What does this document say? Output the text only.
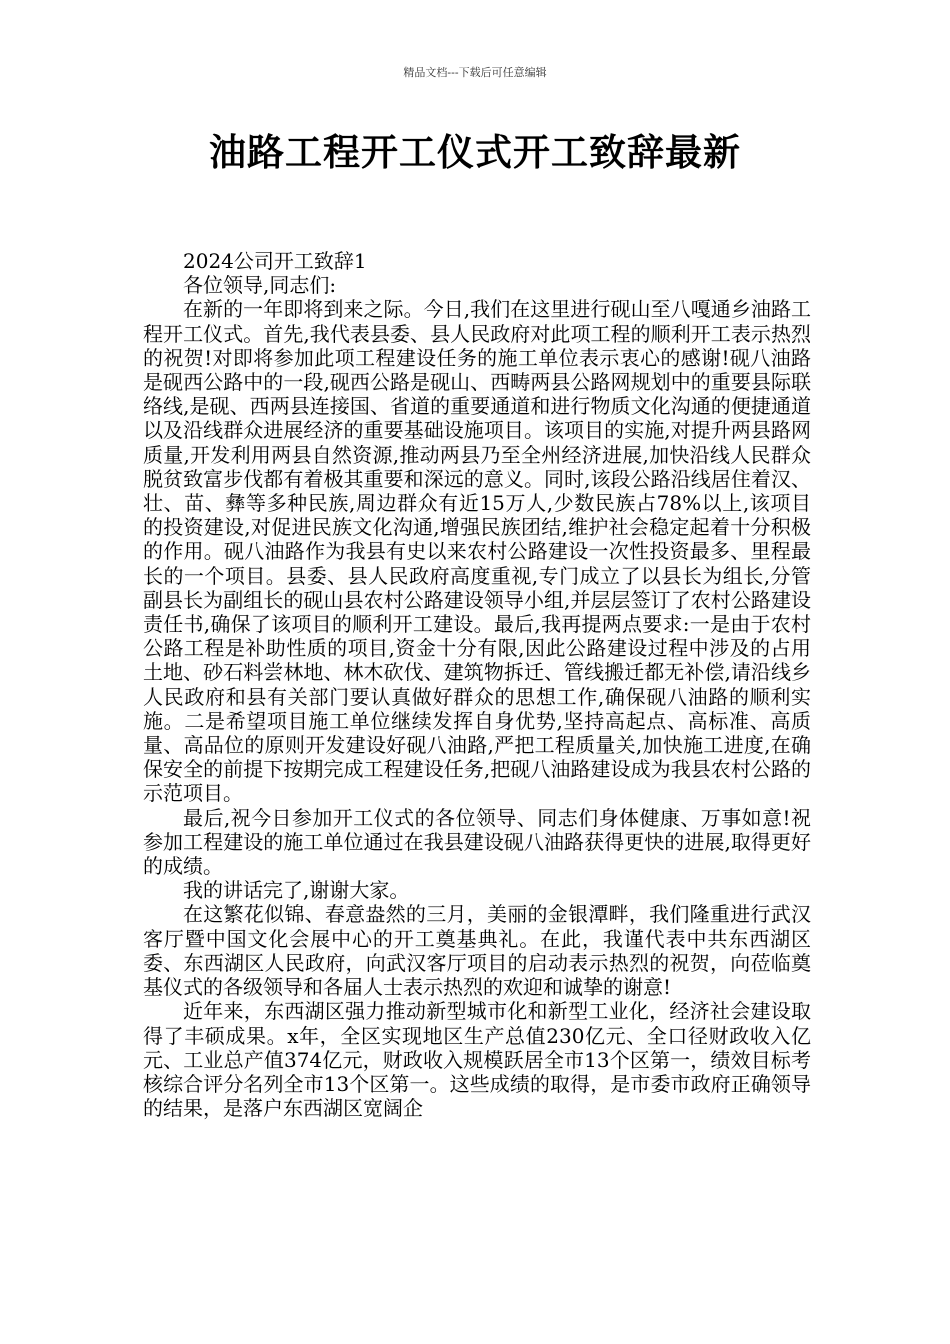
精品文档---下载后可任意编辑
油路工程开工仪式开工致辞最新

2024公司开工致辞1

各位领导,同志们:

在新的一年即将到来之际。今日,我们在这里进行砚山至八嘎通乡油路工程开工仪式。首先,我代表县委、县人民政府对此项工程的顺利开工表示热烈的祝贺!对即将参加此项工程建设任务的施工单位表示衷心的感谢!砚八油路是砚西公路中的一段,砚西公路是砚山、西畴两县公路网规划中的重要县际联络线,是砚、西两县连接国、省道的重要通道和进行物质文化沟通的便捷通道以及沿线群众进展经济的重要基础设施项目。该项目的实施,对提升两县路网质量,开发利用两县自然资源,推动两县乃至全州经济进展,加快沿线人民群众脱贫致富步伐都有着极其重要和深远的意义。同时,该段公路沿线居住着汉、壮、苗、彝等多种民族,周边群众有近15万人,少数民族占78%以上,该项目的投资建设,对促进民族文化沟通,增强民族团结,维护社会稳定起着十分积极的作用。砚八油路作为我县有史以来农村公路建设一次性投资最多、里程最长的一个项目。县委、县人民政府高度重视,专门成立了以县长为组长,分管副县长为副组长的砚山县农村公路建设领导小组,并层层签订了农村公路建设责任书,确保了该项目的顺利开工建设。最后,我再提两点要求:一是由于农村公路工程是补助性质的项目,资金十分有限,因此公路建设过程中涉及的占用土地、砂石料尝林地、林木砍伐、建筑物拆迁、管线搬迁都无补偿,请沿线乡人民政府和县有关部门要认真做好群众的思想工作,确保砚八油路的顺利实施。二是希望项目施工单位继续发挥自身优势,坚持高起点、高标准、高质量、高品位的原则开发建设好砚八油路,严把工程质量关,加快施工进度,在确保安全的前提下按期完成工程建设任务,把砚八油路建设成为我县农村公路的示范项目。

最后,祝今日参加开工仪式的各位领导、同志们身体健康、万事如意!祝参加工程建设的施工单位通过在我县建设砚八油路获得更快的进展,取得更好的成绩。

我的讲话完了,谢谢大家。

在这繁花似锦、春意盎然的三月，美丽的金银潭畔，我们隆重进行武汉客厅暨中国文化会展中心的开工奠基典礼。在此，我谨代表中共东西湖区委、东西湖区人民政府，向武汉客厅项目的启动表示热烈的祝贺，向莅临奠基仪式的各级领导和各届人士表示热烈的欢迎和诚挚的谢意!

近年来，东西湖区强力推动新型城市化和新型工业化，经济社会建设取得了丰硕成果。x年，全区实现地区生产总值230亿元、全口径财政收入亿元、工业总产值374亿元，财政收入规模跃居全市13个区第一，绩效目标考核综合评分名列全市13个区第一。这些成绩的取得，是市委市政府正确领导的结果，是落户东西湖区宽阔企
